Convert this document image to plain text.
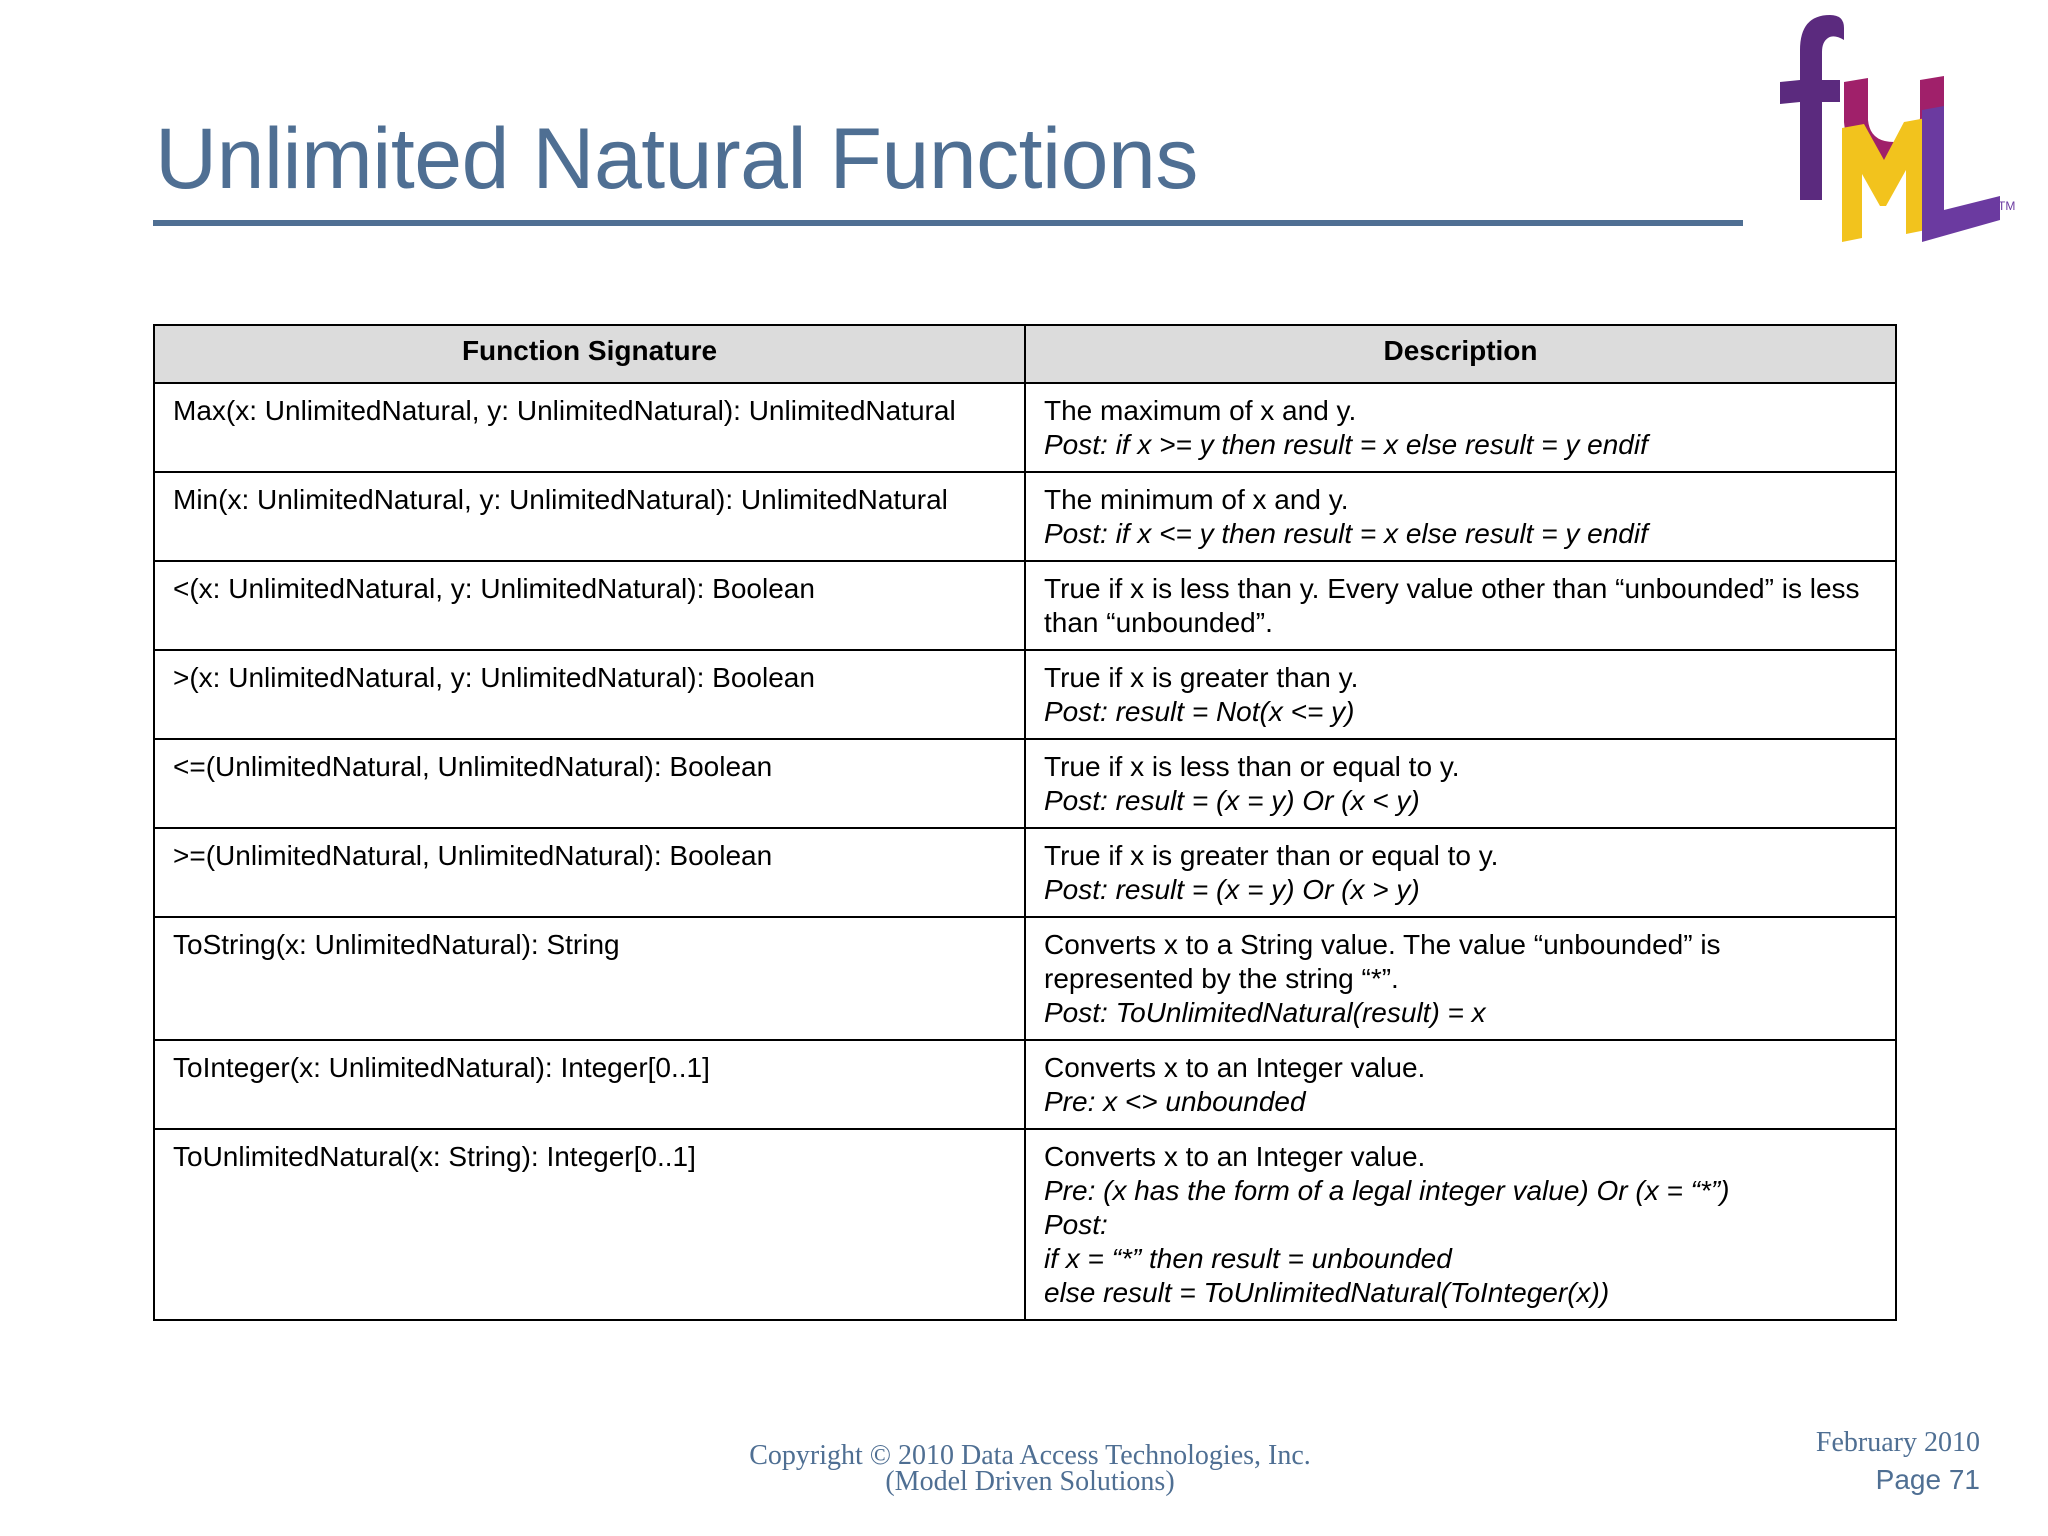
Unlimited Natural Functions	TM
Function Signature	Description
Max(x: UnlimitedNatural, y: UnlimitedNatural): UnlimitedNatural	The maximum of x and y.
Post: if x >= y then result = x else result = y endif

Min(x: UnlimitedNatural, y: UnlimitedNatural): UnlimitedNatural	The minimum of x and y.
Post: if x <= y then result = x else result = y endif

<(x: UnlimitedNatural, y: UnlimitedNatural): Boolean	True if x is less than y. Every value other than “unbounded” is less than “unbounded”.

>(x: UnlimitedNatural, y: UnlimitedNatural): Boolean	True if x is greater than y.
Post: result = Not(x <= y)

<=(UnlimitedNatural, UnlimitedNatural): Boolean	True if x is less than or equal to y.
Post: result = (x = y) Or (x < y)

>=(UnlimitedNatural, UnlimitedNatural): Boolean	True if x is greater than or equal to y.
Post: result = (x = y) Or (x > y)

ToString(x: UnlimitedNatural): String	Converts x to a String value. The value “unbounded” is represented by the string “*”.
Post: ToUnlimitedNatural(result) = x

ToInteger(x: UnlimitedNatural): Integer[0..1]	Converts x to an Integer value.
Pre: x <> unbounded

ToUnlimitedNatural(x: String): Integer[0..1]	Converts x to an Integer value.
Pre: (x has the form of a legal integer value) Or (x = “*”)
Post:
if x = “*” then result = unbounded
else result = ToUnlimitedNatural(ToInteger(x))
Copyright © 2010 Data Access Technologies, Inc.
(Model Driven Solutions)
February 2010
Page 71
